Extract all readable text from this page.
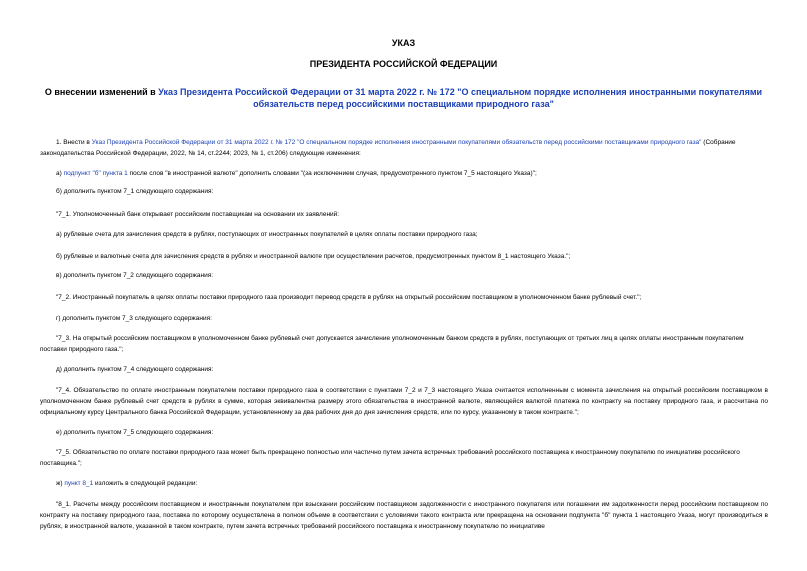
УКАЗ
ПРЕЗИДЕНТА РОССИЙСКОЙ ФЕДЕРАЦИИ
О внесении изменений в Указ Президента Российской Федерации от 31 марта 2022 г. № 172 "О специальном порядке исполнения иностранными покупателями обязательств перед российскими поставщиками природного газа"
1. Внести в Указ Президента Российской Федерации от 31 марта 2022 г. № 172 "О специальном порядке исполнения иностранными покупателями обязательств перед российскими поставщиками природного газа" (Собрание законодательства Российской Федерации, 2022, № 14, ст.2244; 2023, № 1, ст.206) следующие изменения:
а) подпункт "б" пункта 1 после слов "в иностранной валюте" дополнить словами "(за исключением случая, предусмотренного пунктом 7_5 настоящего Указа)";
б) дополнить пунктом 7_1 следующего содержания:
"7_1. Уполномоченный банк открывает российским поставщикам на основании их заявлений:
а) рублевые счета для зачисления средств в рублях, поступающих от иностранных покупателей в целях оплаты поставки природного газа;
б) рублевые и валютные счета для зачисления средств в рублях и иностранной валюте при осуществлении расчетов, предусмотренных пунктом 8_1 настоящего Указа.";
в) дополнить пунктом 7_2 следующего содержания:
"7_2. Иностранный покупатель в целях оплаты поставки природного газа производит перевод средств в рублях на открытый российским поставщиком в уполномоченном банке рублевый счет.";
г) дополнить пунктом 7_3 следующего содержания:
"7_3. На открытый российским поставщиком в уполномоченном банке рублевый счет допускается зачисление уполномоченным банком средств в рублях, поступающих от третьих лиц в целях оплаты иностранным покупателем поставки природного газа.";
д) дополнить пунктом 7_4 следующего содержания:
"7_4. Обязательство по оплате иностранным покупателем поставки природного газа в соответствии с пунктами 7_2 и 7_3 настоящего Указа считается исполненным с момента зачисления на открытый российским поставщиком в уполномоченном банке рублевый счет средств в рублях в сумме, которая эквивалентна размеру этого обязательства в иностранной валюте, являющейся валютой платежа по контракту на поставку природного газа, и рассчитана по официальному курсу Центрального банка Российской Федерации, установленному за два рабочих дня до дня зачисления средств, или по курсу, указанному в таком контракте.";
е) дополнить пунктом 7_5 следующего содержания:
"7_5. Обязательство по оплате поставки природного газа может быть прекращено полностью или частично путем зачета встречных требований российского поставщика к иностранному покупателю по инициативе российского поставщика.";
ж) пункт 8_1 изложить в следующей редакции:
"8_1. Расчеты между российским поставщиком и иностранным покупателем при взыскании российским поставщиком задолженности с иностранного покупателя или погашении им задолженности перед российским поставщиком по контракту на поставку природного газа, поставка по которому осуществлена в полном объеме в соответствии с условиями такого контракта или прекращена на основании подпункта "б" пункта 1 настоящего Указа, могут производиться в рублях, в иностранной валюте, указанной в таком контракте, путем зачета встречных требований российского поставщика к иностранному покупателю по инициативе
